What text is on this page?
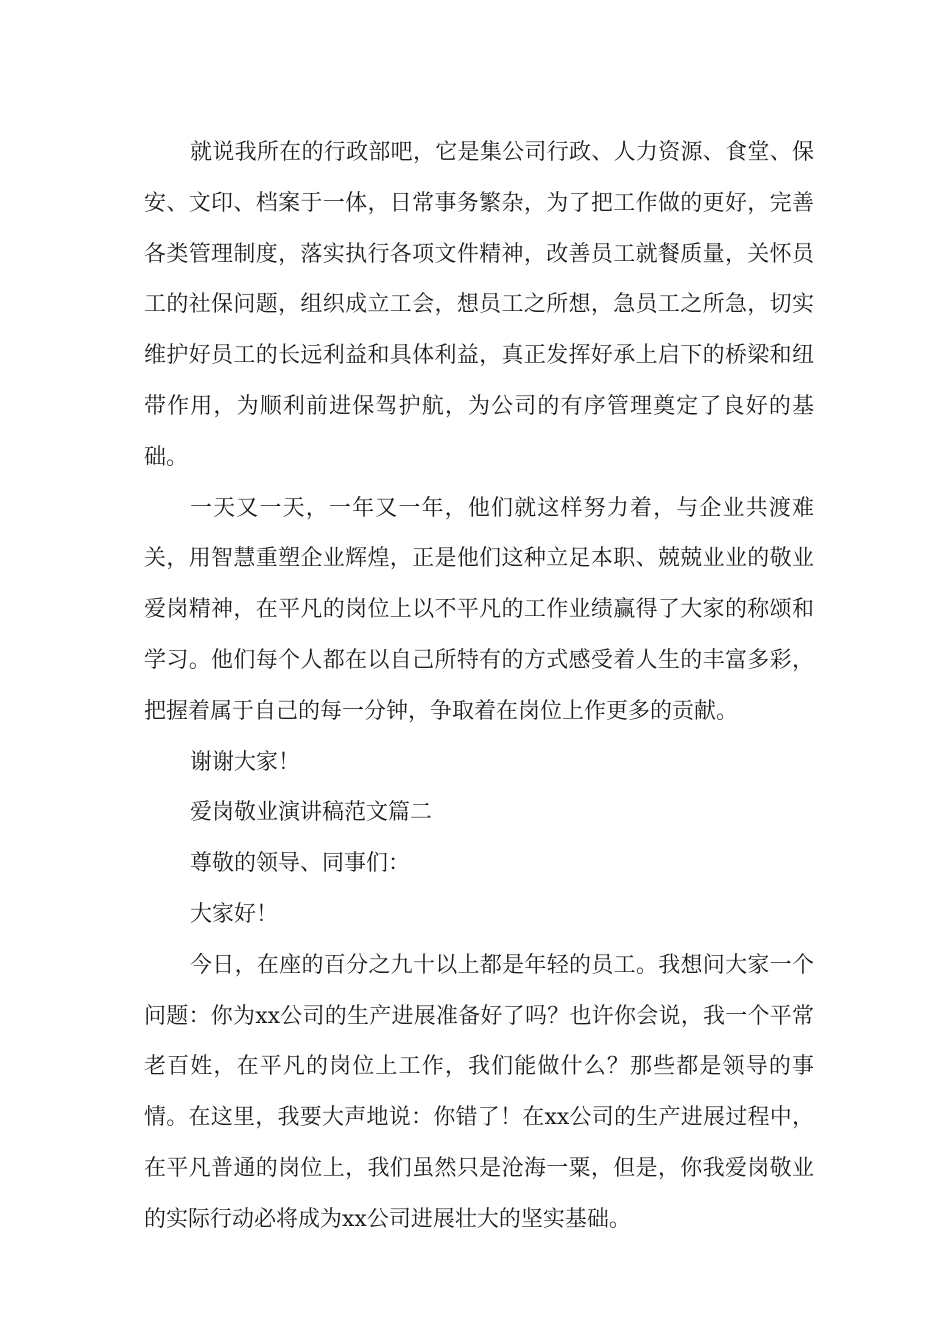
就说我所在的行政部吧，它是集公司行政、人力资源、食堂、保安、文印、档案于一体，日常事务繁杂，为了把工作做的更好，完善各类管理制度，落实执行各项文件精神，改善员工就餐质量，关怀员工的社保问题，组织成立工会，想员工之所想，急员工之所急，切实维护好员工的长远利益和具体利益，真正发挥好承上启下的桥梁和纽带作用，为顺利前进保驾护航，为公司的有序管理奠定了良好的基础。

一天又一天，一年又一年，他们就这样努力着，与企业共渡难关，用智慧重塑企业辉煌，正是他们这种立足本职、兢兢业业的敬业爱岗精神，在平凡的岗位上以不平凡的工作业绩赢得了大家的称颂和学习。他们每个人都在以自己所特有的方式感受着人生的丰富多彩，把握着属于自己的每一分钟，争取着在岗位上作更多的贡献。

谢谢大家！

爱岗敬业演讲稿范文篇二

尊敬的领导、同事们：

大家好！

今日，在座的百分之九十以上都是年轻的员工。我想问大家一个问题：你为xx公司的生产进展准备好了吗？也许你会说，我一个平常老百姓，在平凡的岗位上工作，我们能做什么？那些都是领导的事情。在这里，我要大声地说：你错了！在xx公司的生产进展过程中，在平凡普通的岗位上，我们虽然只是沧海一粟，但是，你我爱岗敬业的实际行动必将成为xx公司进展壮大的坚实基础。
